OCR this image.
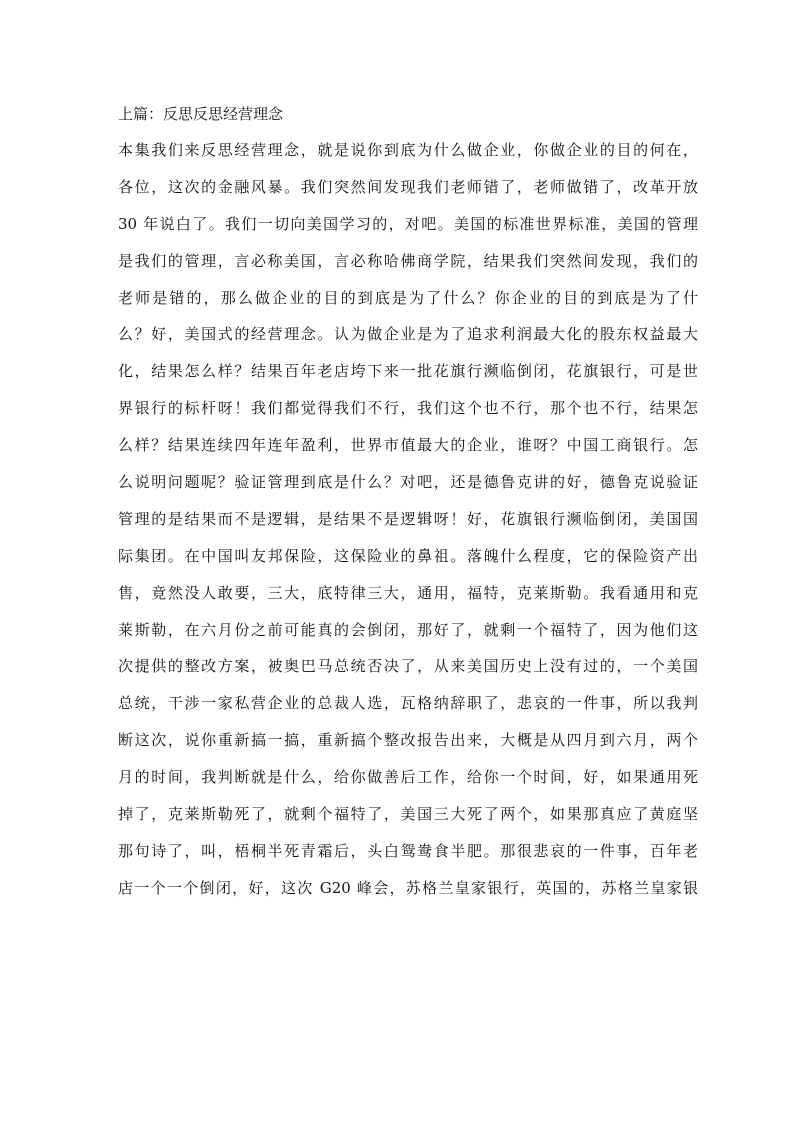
上篇：反思反思经营理念
本集我们来反思经营理念，就是说你到底为什么做企业，你做企业的目的何在，
各位，这次的金融风暴。我们突然间发现我们老师错了，老师做错了，改革开放
30 年说白了。我们一切向美国学习的，对吧。美国的标准世界标准，美国的管理
是我们的管理，言必称美国，言必称哈佛商学院，结果我们突然间发现，我们的
老师是错的，那么做企业的目的到底是为了什么？你企业的目的到底是为了什
么？好，美国式的经营理念。认为做企业是为了追求利润最大化的股东权益最大
化，结果怎么样？结果百年老店垮下来一批花旗行濒临倒闭，花旗银行，可是世
界银行的标杆呀！我们都觉得我们不行，我们这个也不行，那个也不行，结果怎
么样？结果连续四年连年盈利，世界市值最大的企业，谁呀？中国工商银行。怎
么说明问题呢？验证管理到底是什么？对吧，还是德鲁克讲的好，德鲁克说验证
管理的是结果而不是逻辑，是结果不是逻辑呀！好，花旗银行濒临倒闭，美国国
际集团。在中国叫友邦保险，这保险业的鼻祖。落魄什么程度，它的保险资产出
售，竟然没人敢要，三大，底特律三大，通用，福特，克莱斯勒。我看通用和克
莱斯勒，在六月份之前可能真的会倒闭，那好了，就剩一个福特了，因为他们这
次提供的整改方案，被奥巴马总统否决了，从来美国历史上没有过的，一个美国
总统，干涉一家私营企业的总裁人选，瓦格纳辞职了，悲哀的一件事，所以我判
断这次，说你重新搞一搞，重新搞个整改报告出来，大概是从四月到六月，两个
月的时间，我判断就是什么，给你做善后工作，给你一个时间，好，如果通用死
掉了，克莱斯勒死了，就剩个福特了，美国三大死了两个，如果那真应了黄庭坚
那句诗了，叫，梧桐半死青霜后，头白鸳鸯食半肥。那很悲哀的一件事，百年老
店一个一个倒闭，好，这次 G20 峰会，苏格兰皇家银行，英国的，苏格兰皇家银
